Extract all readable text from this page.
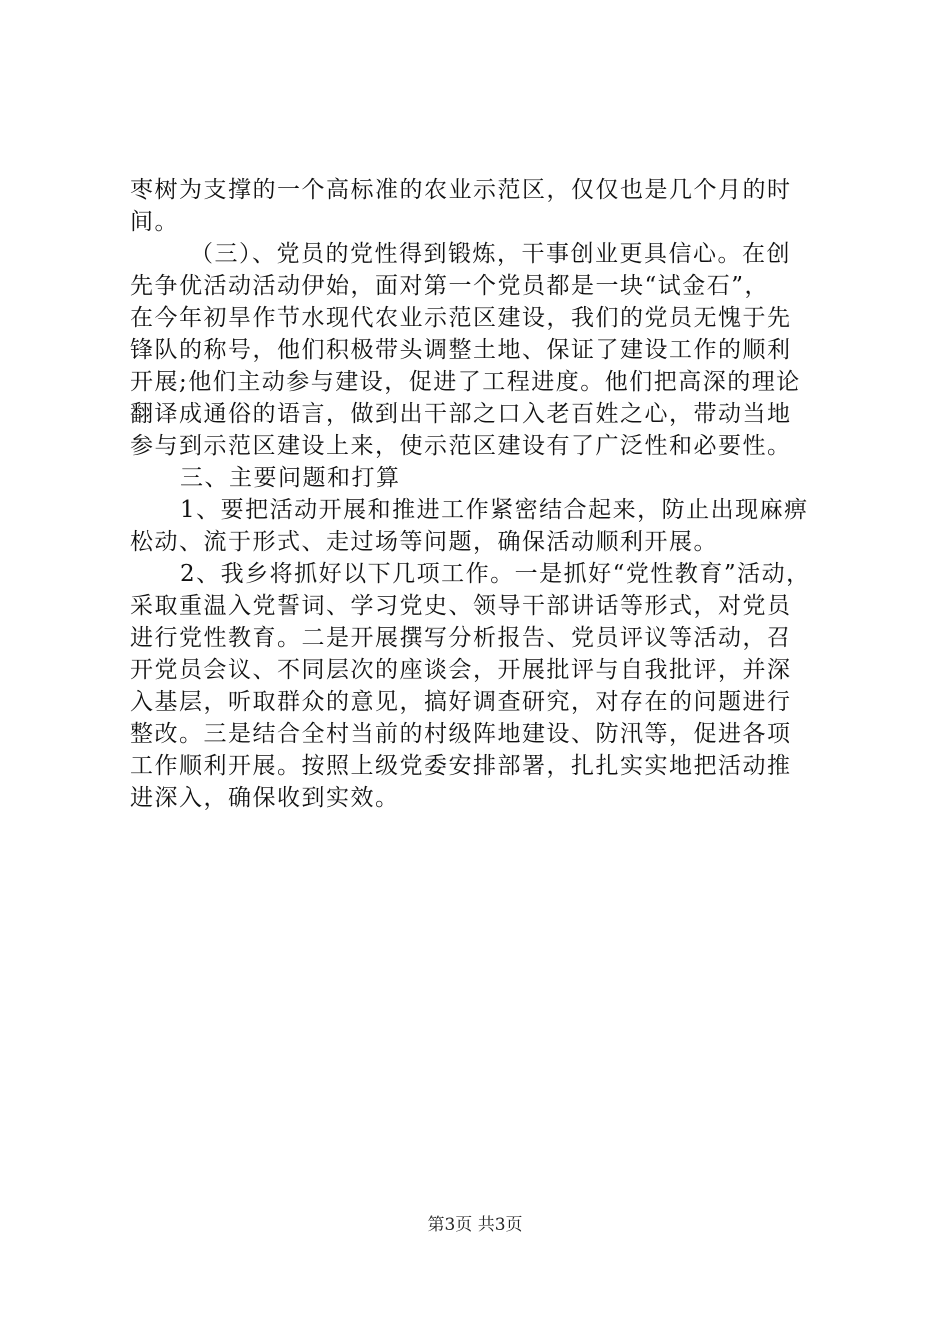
枣树为支撑的一个高标准的农业示范区，仅仅也是几个月的时
间。
（三）、党员的党性得到锻炼，干事创业更具信心。在创
先争优活动活动伊始，面对第一个党员都是一块“试金石”，
在今年初旱作节水现代农业示范区建设，我们的党员无愧于先
锋队的称号，他们积极带头调整土地、保证了建设工作的顺利
开展;他们主动参与建设，促进了工程进度。他们把高深的理论
翻译成通俗的语言，做到出干部之口入老百姓之心，带动当地
参与到示范区建设上来，使示范区建设有了广泛性和必要性。
三、主要问题和打算
1、要把活动开展和推进工作紧密结合起来，防止出现麻痹
松动、流于形式、走过场等问题，确保活动顺利开展。
2、我乡将抓好以下几项工作。一是抓好“党性教育”活动，
采取重温入党誓词、学习党史、领导干部讲话等形式，对党员
进行党性教育。二是开展撰写分析报告、党员评议等活动，召
开党员会议、不同层次的座谈会，开展批评与自我批评，并深
入基层，听取群众的意见，搞好调查研究，对存在的问题进行
整改。三是结合全村当前的村级阵地建设、防汛等，促进各项
工作顺利开展。按照上级党委安排部署，扎扎实实地把活动推
进深入，确保收到实效。
第3页 共3页
